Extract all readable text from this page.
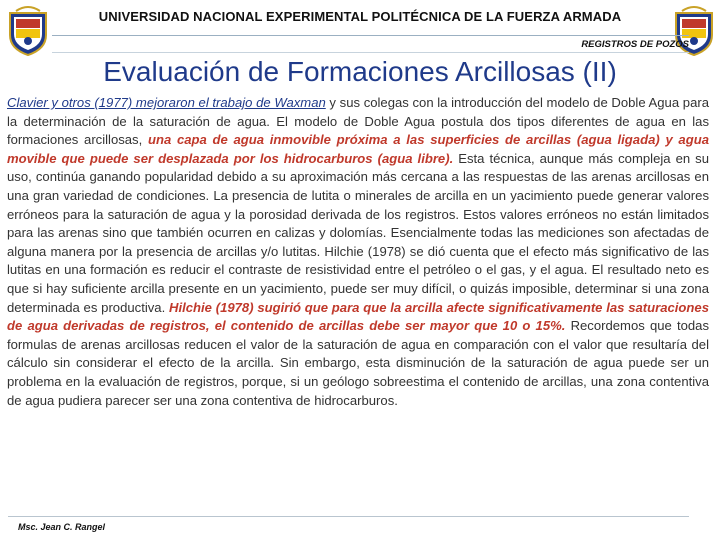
UNIVERSIDAD NACIONAL EXPERIMENTAL POLITÉCNICA DE LA FUERZA ARMADA
REGISTROS DE POZOS
Evaluación de Formaciones Arcillosas (II)
Clavier y otros (1977) mejoraron el trabajo de Waxman y sus colegas con la introducción del modelo de Doble Agua para la determinación de la saturación de agua. El modelo de Doble Agua postula dos tipos diferentes de agua en las formaciones arcillosas, una capa de agua inmovible próxima a las superficies de arcillas (agua ligada) y agua movible que puede ser desplazada por los hidrocarburos (agua libre). Esta técnica, aunque más compleja en su uso, continúa ganando popularidad debido a su aproximación más cercana a las respuestas de las arenas arcillosas en una gran variedad de condiciones. La presencia de lutita o minerales de arcilla en un yacimiento puede generar valores erróneos para la saturación de agua y la porosidad derivada de los registros. Estos valores erróneos no están limitados para las arenas sino que también ocurren en calizas y dolomías. Esencialmente todas las mediciones son afectadas de alguna manera por la presencia de arcillas y/o lutitas. Hilchie (1978) se dió cuenta que el efecto más significativo de las lutitas en una formación es reducir el contraste de resistividad entre el petróleo o el gas, y el agua. El resultado neto es que si hay suficiente arcilla presente en un yacimiento, puede ser muy difícil, o quizás imposible, determinar si una zona determinada es productiva. Hilchie (1978) sugirió que para que la arcilla afecte significativamente las saturaciones de agua derivadas de registros, el contenido de arcillas debe ser mayor que 10 o 15%. Recordemos que todas formulas de arenas arcillosas reducen el valor de la saturación de agua en comparación con el valor que resultaría del cálculo sin considerar el efecto de la arcilla. Sin embargo, esta disminución de la saturación de agua puede ser un problema en la evaluación de registros, porque, si un geólogo sobreestima el contenido de arcillas, una zona contentiva de agua pudiera parecer ser una zona contentiva de hidrocarburos.
Msc. Jean C. Rangel
